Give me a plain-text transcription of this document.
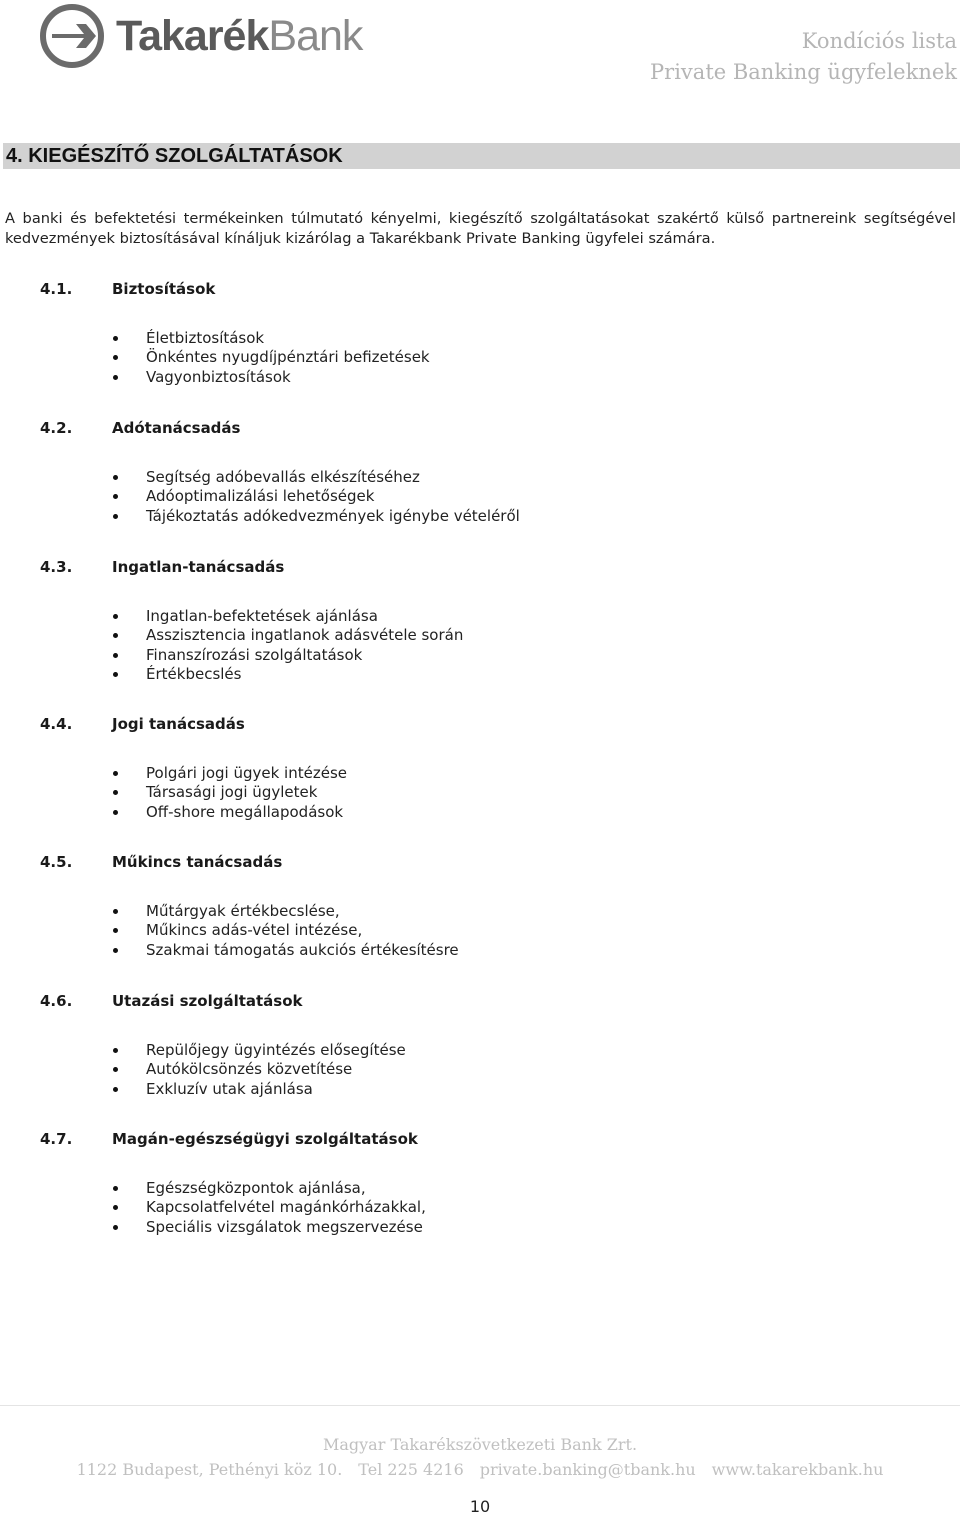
TakarékBank	Kondíciós lista
Private Banking ügyfeleknek
4. KIEGÉSZÍTŐ SZOLGÁLTATÁSOK

A banki és befektetési termékeinken túlmutató kényelmi, kiegészítő szolgáltatásokat szakértő külső partnereink segítségével kedvezmények biztosításával kínáljuk kizárólag a Takarékbank Private Banking ügyfelei számára.

4.1.	Biztosítások
Életbiztosítások
Önkéntes nyugdíjpénztári befizetések
Vagyonbiztosítások
4.2.	Adótanácsadás
Segítség adóbevallás elkészítéséhez
Adóoptimalizálási lehetőségek
Tájékoztatás adókedvezmények igénybe vételéről
4.3.	Ingatlan-tanácsadás
Ingatlan-befektetések ajánlása
Asszisztencia ingatlanok adásvétele során
Finanszírozási szolgáltatások
Értékbecslés
4.4.	Jogi tanácsadás
Polgári jogi ügyek intézése
Társasági jogi ügyletek
Off-shore megállapodások
4.5.	Műkincs tanácsadás
Műtárgyak értékbecslése,
Műkincs adás-vétel intézése,
Szakmai támogatás aukciós értékesítésre
4.6.	Utazási szolgáltatások
Repülőjegy ügyintézés elősegítése
Autókölcsönzés közvetítése
Exkluzív utak ajánlása
4.7.	Magán-egészségügyi szolgáltatások
Egészségközpontok ajánlása,
Kapcsolatfelvétel magánkórházakkal,
Speciális vizsgálatok megszervezése
Magyar Takarékszövetkezeti Bank Zrt.
1122 Budapest, Pethényi köz 10. Tel 225 4216 private.banking@tbank.hu www.takarekbank.hu
10
